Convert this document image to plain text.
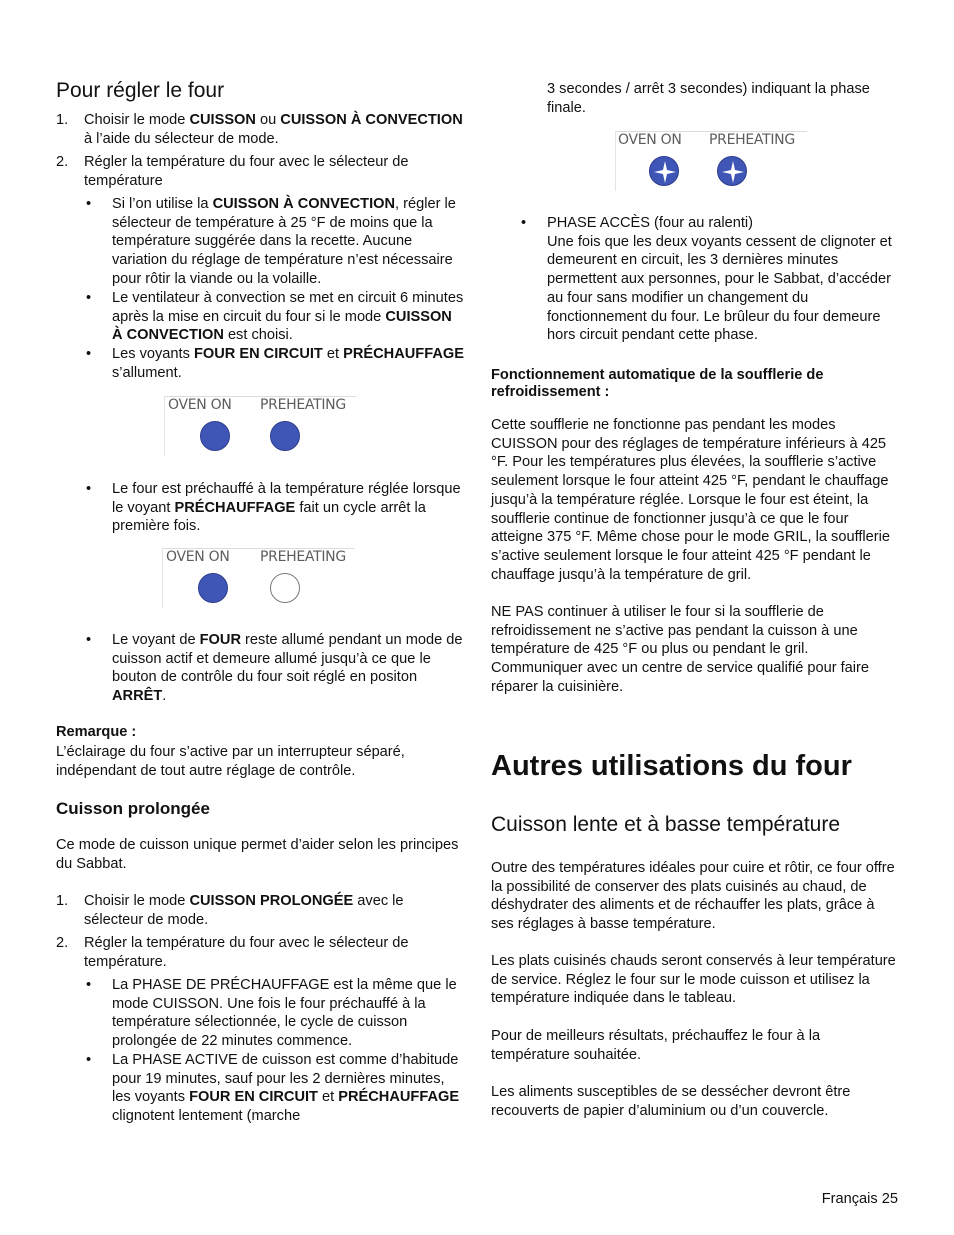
Pour régler le four
1. Choisir le mode CUISSON ou CUISSON À CONVECTION à l’aide du sélecteur de mode.

2. Régler la température du four avec le sélecteur de température

• Si l’on utilise la CUISSON À CONVECTION, régler le sélecteur de température à 25 °F de moins que la température suggérée dans la recette. Aucune variation du réglage de température n’est nécessaire pour rôtir la viande ou la volaille.

• Le ventilateur à convection se met en circuit 6 minutes après la mise en circuit du four si le mode CUISSON À CONVECTION est choisi.

• Les voyants FOUR EN CIRCUIT et PRÉCHAUFFAGE s’allument.

OVEN ON PREHEATING
• Le four est préchauffé à la température réglée lorsque le voyant PRÉCHAUFFAGE fait un cycle arrêt la première fois.

OVEN ON PREHEATING
• Le voyant de FOUR reste allumé pendant un mode de cuisson actif et demeure allumé jusqu’à ce que le bouton de contrôle du four soit réglé en positon ARRÊT.

Remarque :

L’éclairage du four s’active par un interrupteur séparé, indépendant de tout autre réglage de contrôle.

Cuisson prolongée

Ce mode de cuisson unique permet d’aider selon les principes du Sabbat.

1. Choisir le mode CUISSON PROLONGÉE avec le sélecteur de mode.

2. Régler la température du four avec le sélecteur de température.

• La PHASE DE PRÉCHAUFFAGE est la même que le mode CUISSON. Une fois le four préchauffé à la température sélectionnée, le cycle de cuisson prolongée de 22 minutes commence.

• La PHASE ACTIVE de cuisson est comme d’habitude pour 19 minutes, sauf pour les 2 dernières minutes, les voyants FOUR EN CIRCUIT et PRÉCHAUFFAGE clignotent lentement (marche

3 secondes / arrêt 3 secondes) indiquant la phase finale.

OVEN ON PREHEATING
• PHASE ACCÈS (four au ralenti)

Une fois que les deux voyants cessent de clignoter et demeurent en circuit, les 3 dernières minutes permettent aux personnes, pour le Sabbat, d’accéder au four sans modifier un changement du fonctionnement du four. Le brûleur du four demeure hors circuit pendant cette phase.

Fonctionnement automatique de la soufflerie de refroidissement :

Cette soufflerie ne fonctionne pas pendant les modes CUISSON pour des réglages de température inférieurs à 425 °F. Pour les températures plus élevées, la soufflerie s’active seulement lorsque le four atteint 425 °F, pendant le chauffage jusqu’à la température réglée. Lorsque le four est éteint, la soufflerie continue de fonctionner jusqu’à ce que le four atteigne 375 °F. Même chose pour le mode GRIL, la soufflerie s’active seulement lorsque le four atteint 425 °F pendant le chauffage jusqu’à la température de gril.

NE PAS continuer à utiliser le four si la soufflerie de refroidissement ne s’active pas pendant la cuisson à une température de 425 °F ou plus ou pendant le gril. Communiquer avec un centre de service qualifié pour faire réparer la cuisinière.

Autres utilisations du four
Cuisson lente et à basse température

Outre des températures idéales pour cuire et rôtir, ce four offre la possibilité de conserver des plats cuisinés au chaud, de déshydrater des aliments et de réchauffer les plats, grâce à ses réglages à basse température.

Les plats cuisinés chauds seront conservés à leur température de service. Réglez le four sur le mode cuisson et utilisez la température indiquée dans le tableau.

Pour de meilleurs résultats, préchauffez le four à la température souhaitée.

Les aliments susceptibles de se dessécher devront être recouverts de papier d’aluminium ou d’un couvercle.

Français 25
